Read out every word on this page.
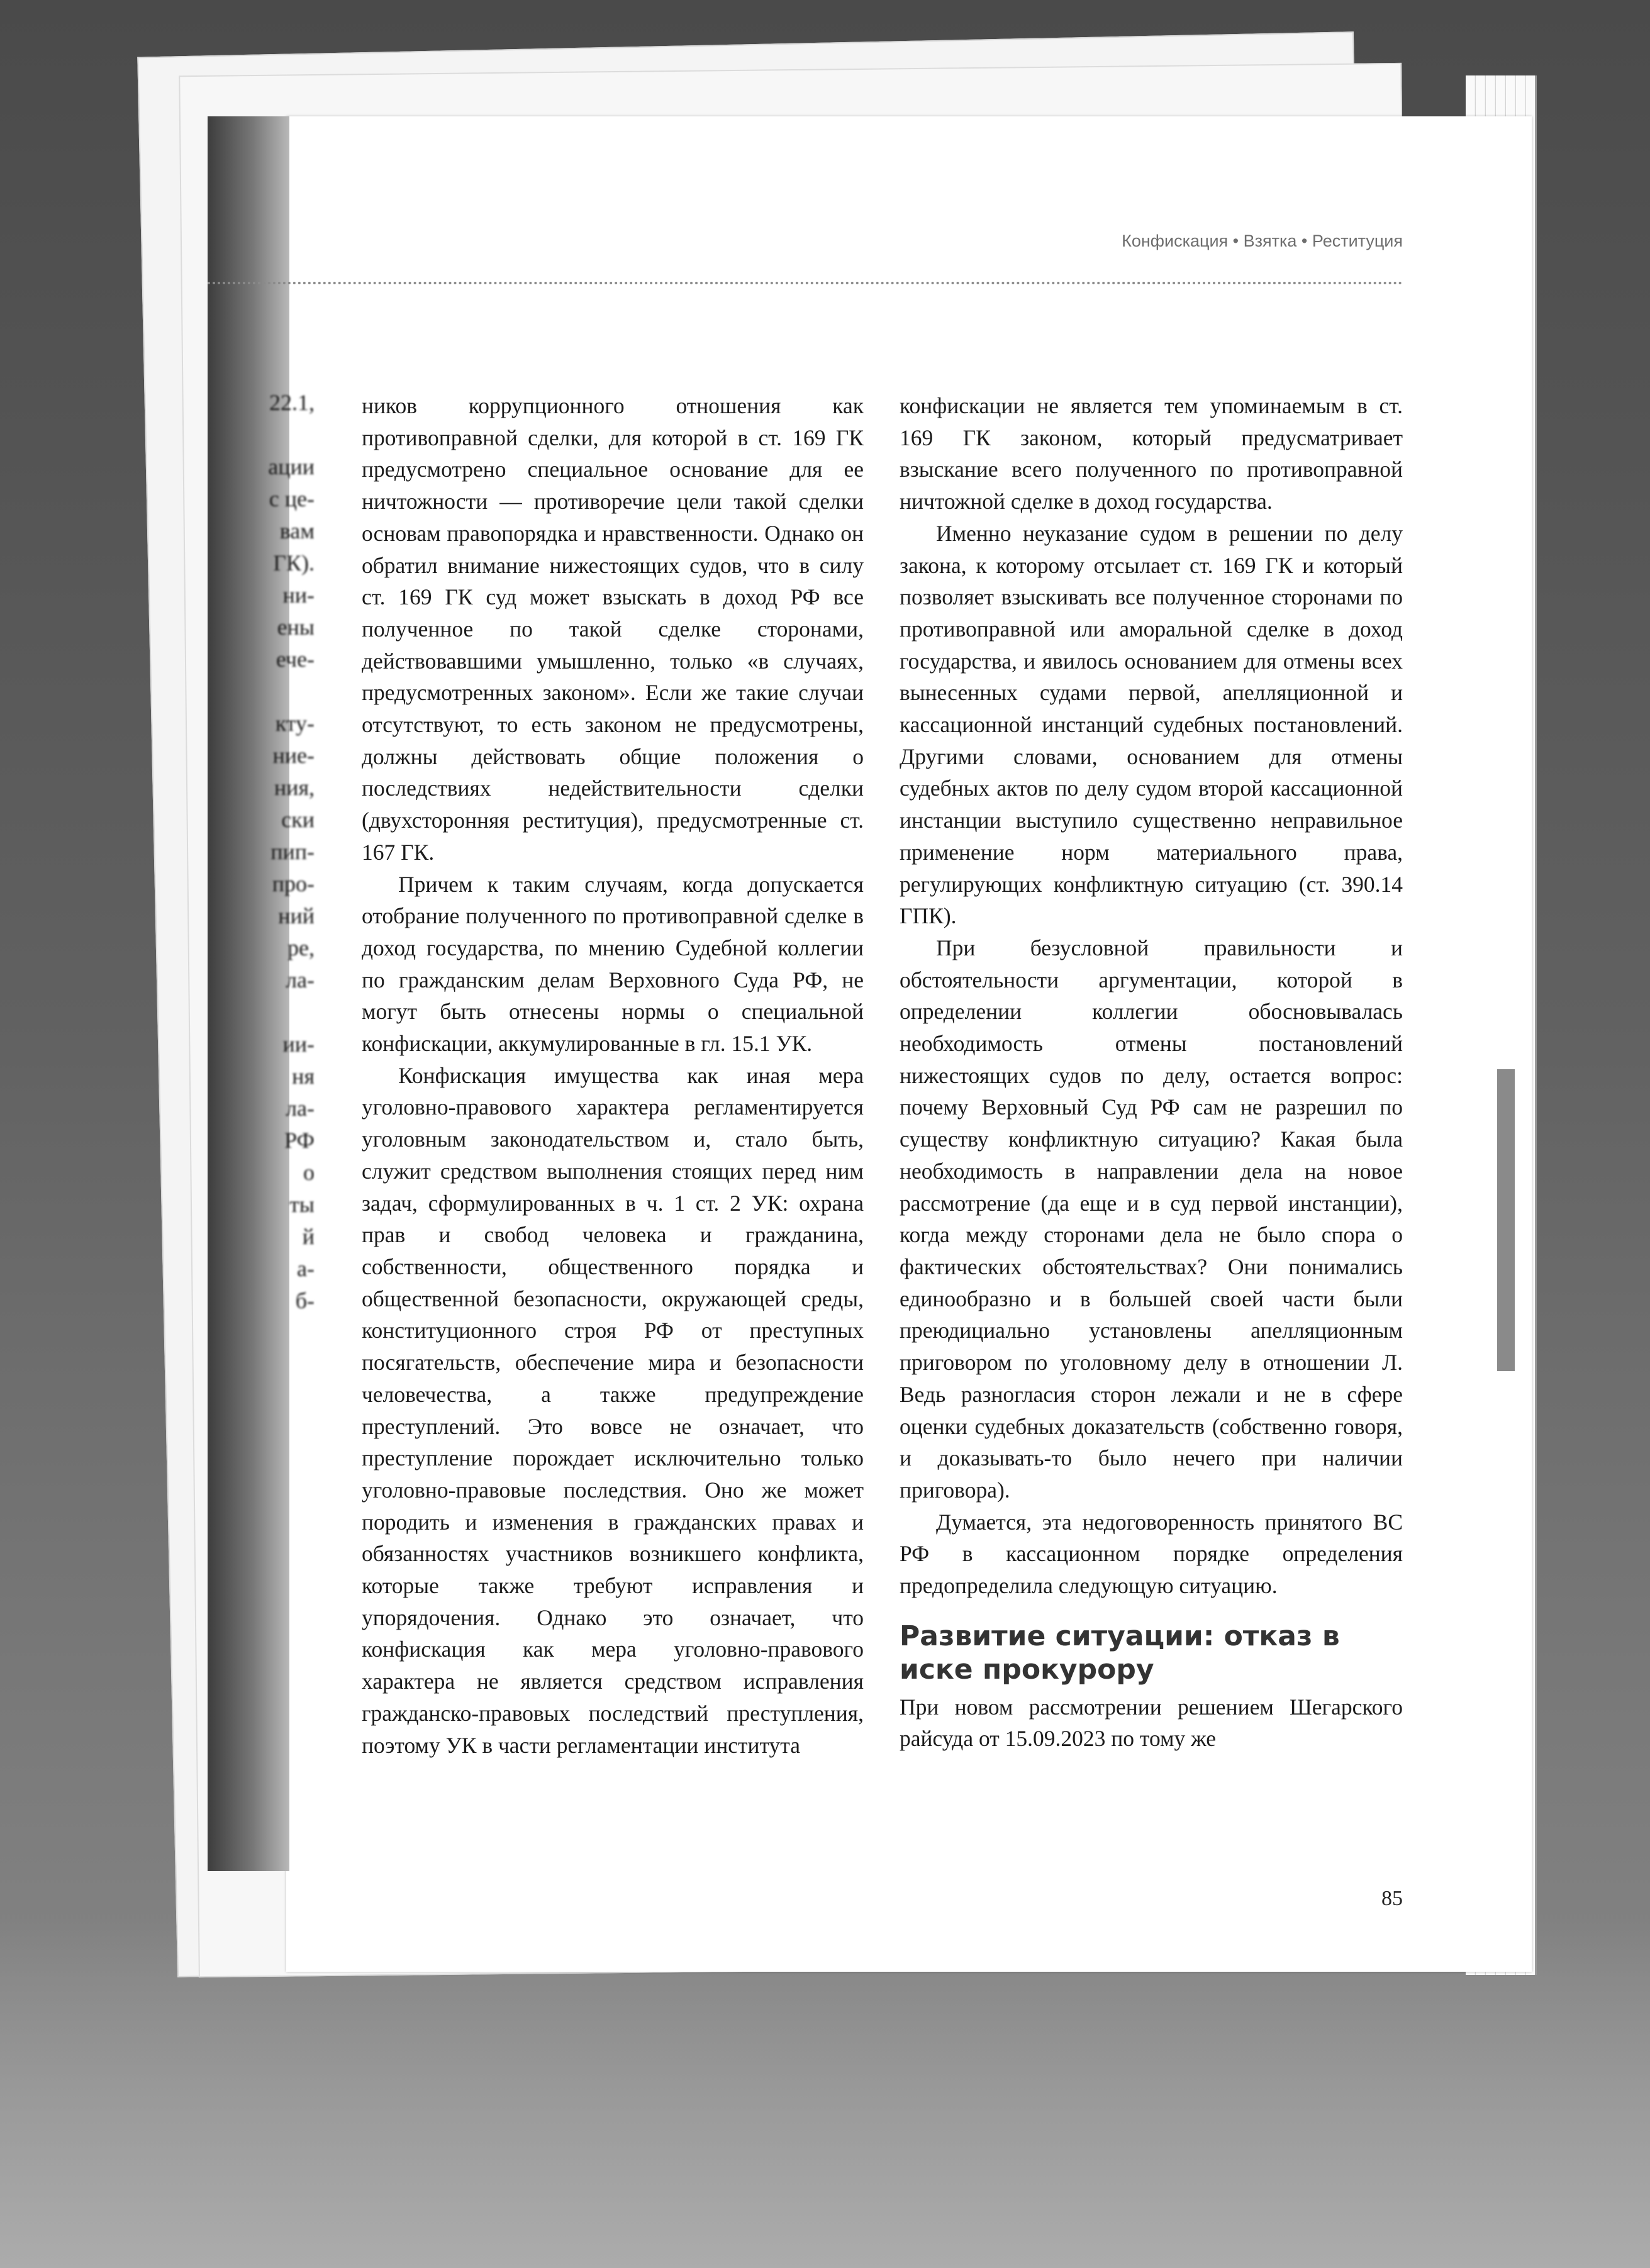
22.1,
ации
с це-
вам
ГК).
ни-
ены
ече-
кту-
ние-
ния,
ски
пип-
про-
ний
ре,
ла-
ии-
ня
ла-
РФ
о
ты
й
а-
б-
Конфискация • Взятка • Реституция

ников коррупционного отношения как противоправной сделки, для которой в ст. 169 ГК предусмотрено специальное основание для ее ничтожности — противоречие цели такой сделки основам правопорядка и нравственности. Однако он обратил внимание нижестоящих судов, что в силу ст. 169 ГК суд может взыскать в доход РФ все полученное по такой сделке сторонами, действовавшими умышленно, только «в случаях, предусмотренных законом». Если же такие случаи отсутствуют, то есть законом не предусмотрены, должны действовать общие положения о последствиях недействительности сделки (двухсторонняя реституция), предусмотренные ст. 167 ГК.

Причем к таким случаям, когда допускается отобрание полученного по противоправной сделке в доход государства, по мнению Судебной коллегии по гражданским делам Верховного Суда РФ, не могут быть отнесены нормы о специальной конфискации, аккумулированные в гл. 15.1 УК.

Конфискация имущества как иная мера уголовно-правового характера регламентируется уголовным законодательством и, стало быть, служит средством выполнения стоящих перед ним задач, сформулированных в ч. 1 ст. 2 УК: охрана прав и свобод человека и гражданина, собственности, общественного порядка и общественной безопасности, окружающей среды, конституционного строя РФ от преступных посягательств, обеспечение мира и безопасности человечества, а также предупреждение преступлений. Это вовсе не означает, что преступление порождает исключительно только уголовно-правовые последствия. Оно же может породить и изменения в гражданских правах и обязанностях участников возникшего конфликта, которые также требуют исправления и упорядочения. Однако это означает, что конфискация как мера уголовно-правового характера не является средством исправления гражданско-правовых последствий преступления, поэтому УК в части регламентации института

конфискации не является тем упоминаемым в ст. 169 ГК законом, который предусматривает взыскание всего полученного по противоправной ничтожной сделке в доход государства.

Именно неуказание судом в решении по делу закона, к которому отсылает ст. 169 ГК и который позволяет взыскивать все полученное сторонами по противоправной или аморальной сделке в доход государства, и явилось основанием для отмены всех вынесенных судами первой, апелляционной и кассационной инстанций судебных постановлений. Другими словами, основанием для отмены судебных актов по делу судом второй кассационной инстанции выступило существенно неправильное применение норм материального права, регулирующих конфликтную ситуацию (ст. 390.14 ГПК).

При безусловной правильности и обстоятельности аргументации, которой в определении коллегии обосновывалась необходимость отмены постановлений нижестоящих судов по делу, остается вопрос: почему Верховный Суд РФ сам не разрешил по существу конфликтную ситуацию? Какая была необходимость в направлении дела на новое рассмотрение (да еще и в суд первой инстанции), когда между сторонами дела не было спора о фактических обстоятельствах? Они понимались единообразно и в большей своей части были преюдициально установлены апелляционным приговором по уголовному делу в отношении Л. Ведь разногласия сторон лежали и не в сфере оценки судебных доказательств (собственно говоря, и доказывать-то было нечего при наличии приговора).

Думается, эта недоговоренность принятого ВС РФ в кассационном порядке определения предопределила следующую ситуацию.

Развитие ситуации: отказ в иске прокурору

При новом рассмотрении решением Шегарского райсуда от 15.09.2023 по тому же

85
